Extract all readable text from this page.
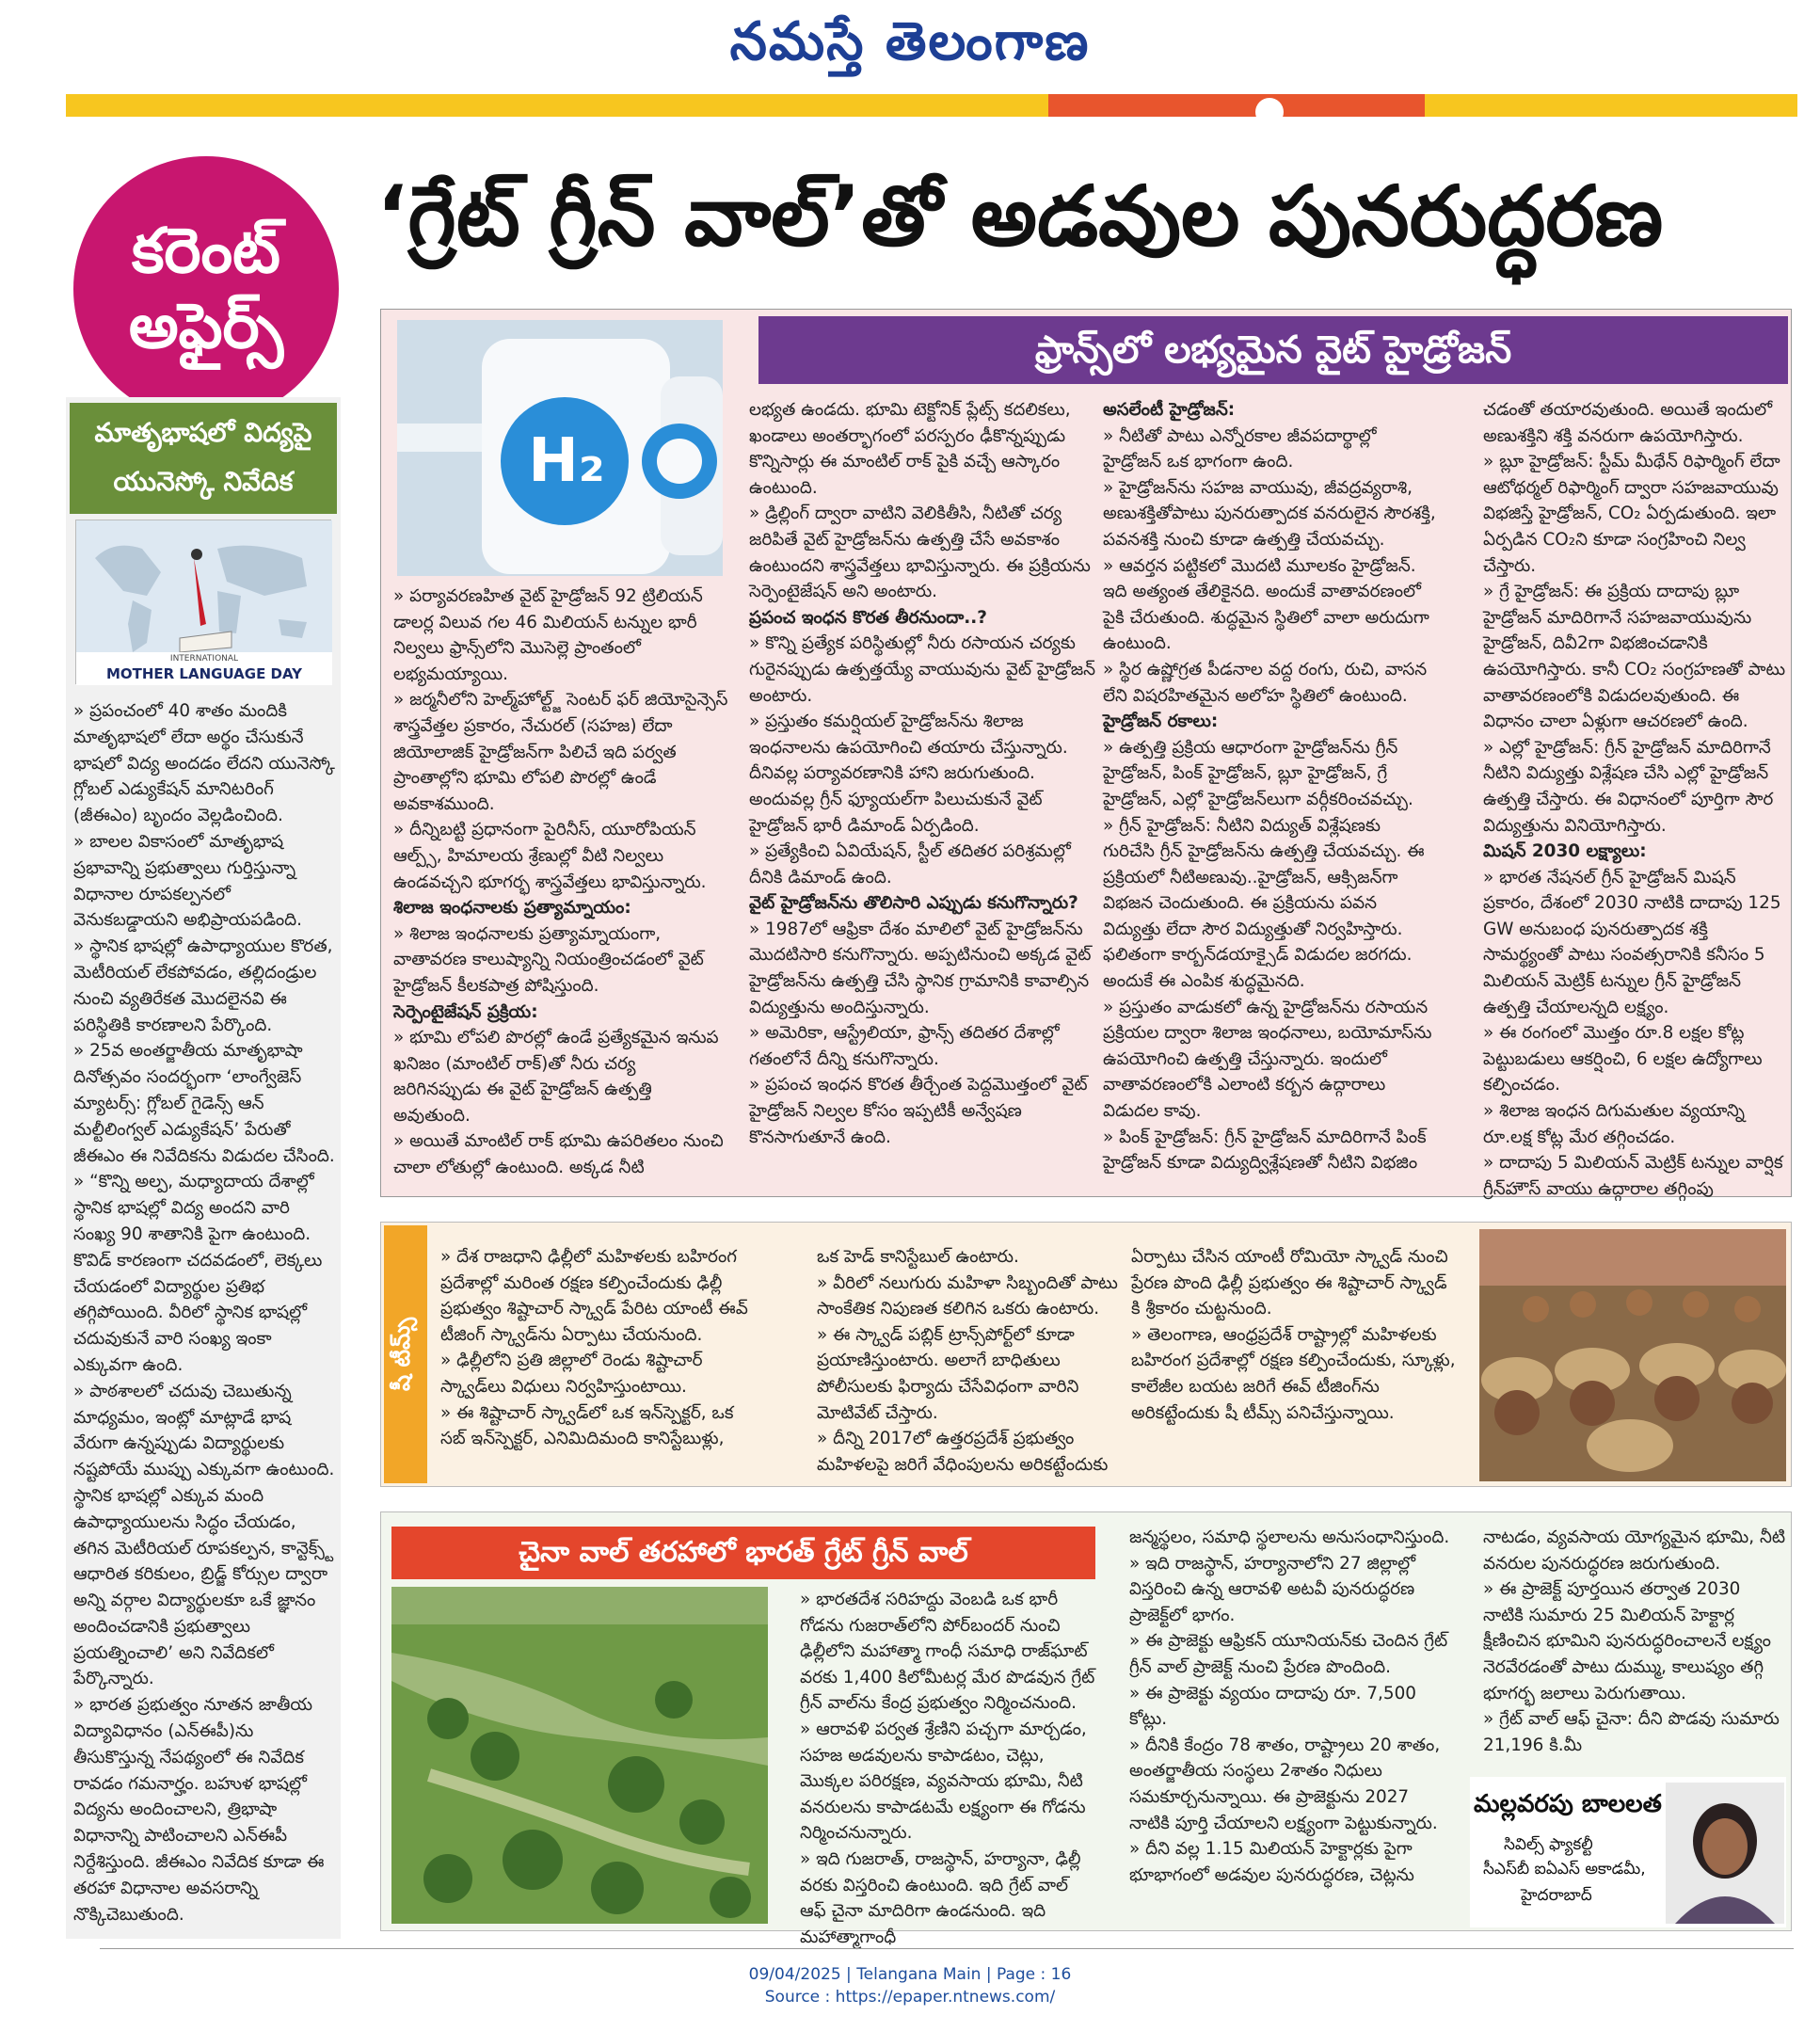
నమస్తే తెలంగాణ
కరెంట్
అఫైర్స్
‘గ్రేట్ గ్రీన్ వాల్’తో అడవుల పునరుద్ధరణ
మాతృభాషలో విద్యపై
యునెస్కో నివేదిక
INTERNATIONAL
MOTHER LANGUAGE DAY
» ప్రపంచంలో 40 శాతం మందికి మాతృభాషలో లేదా అర్థం చేసుకునే భాషలో విద్య అందడం లేదని యునెస్కో గ్లోబల్ ఎడ్యుకేషన్ మానిటరింగ్ (జీఈఎం) బృందం వెల్లడించింది.
» బాలల వికాసంలో మాతృభాష ప్రభావాన్ని ప్రభుత్వాలు గుర్తిస్తున్నా విధానాల రూపకల్పనలో వెనుకబడ్డాయని అభిప్రాయపడింది.
» స్థానిక భాషల్లో ఉపాధ్యాయుల కొరత, మెటీరియల్ లేకపోవడం, తల్లిదండ్రుల నుంచి వ్యతిరేకత మొదలైనవి ఈ పరిస్థితికి కారణాలని పేర్కొంది.
» 25వ అంతర్జాతీయ మాతృభాషా దినోత్సవం సందర్భంగా ‘లాంగ్వేజెస్ మ్యాటర్స్: గ్లోబల్ గైడెన్స్ ఆన్ మల్టీలింగ్వల్ ఎడ్యుకేషన్’ పేరుతో జీఈఎం ఈ నివేదికను విడుదల చేసింది.
» “కొన్ని అల్ప, మధ్యాదాయ దేశాల్లో స్థానిక భాషల్లో విద్య అందని వారి సంఖ్య 90 శాతానికి పైగా ఉంటుంది. కొవిడ్ కారణంగా చదవడంలో, లెక్కలు చేయడంలో విద్యార్థుల ప్రతిభ తగ్గిపోయింది. వీరిలో స్థానిక భాషల్లో చదువుకునే వారి సంఖ్య ఇంకా ఎక్కువగా ఉంది.
» పాఠశాలలో చదువు చెబుతున్న మాధ్యమం, ఇంట్లో మాట్లాడే భాష వేరుగా ఉన్నప్పుడు విద్యార్థులకు నష్టపోయే ముప్పు ఎక్కువగా ఉంటుంది. స్థానిక భాషల్లో ఎక్కువ మంది ఉపాధ్యాయులను సిద్ధం చేయడం, తగిన మెటీరియల్ రూపకల్పన, కాన్టెక్స్ట్ ఆధారిత కరికులం, బ్రిడ్జ్ కోర్సుల ద్వారా అన్ని వర్గాల విద్యార్థులకూ ఒకే జ్ఞానం అందించడానికి ప్రభుత్వాలు ప్రయత్నించాలి’ అని నివేదికలో పేర్కొన్నారు.
» భారత ప్రభుత్వం నూతన జాతీయ విద్యావిధానం (ఎన్ఈపీ)ను తీసుకొస్తున్న నేపథ్యంలో ఈ నివేదిక రావడం గమనార్హం. బహుళ భాషల్లో విద్యను అందించాలని, త్రిభాషా విధానాన్ని పాటించాలని ఎన్ఈపీ నిర్దేశిస్తుంది. జీఈఎం నివేదిక కూడా ఈ తరహా విధానాల అవసరాన్ని నొక్కిచెబుతుంది.
H₂
ఫ్రాన్స్‌లో లభ్యమైన వైట్ హైడ్రోజన్
» పర్యావరణహిత వైట్ హైడ్రోజన్ 92 ట్రిలియన్ డాలర్ల విలువ గల 46 మిలియన్ టన్నుల భారీ నిల్వలు ఫ్రాన్స్‌లోని మొసెల్లె ప్రాంతంలో లభ్యమయ్యాయి.
» జర్మనీలోని హెల్మ్‌హోల్ట్జ్ సెంటర్ ఫర్ జియోసైన్సెస్ శాస్త్రవేత్తల ప్రకారం, నేచురల్ (సహజ) లేదా జియోలాజిక్ హైడ్రోజన్‌గా పిలిచే ఇది పర్వత ప్రాంతాల్లోని భూమి లోపలి పొరల్లో ఉండే అవకాశముంది.
» దీన్నిబట్టి ప్రధానంగా పైరినీస్, యూరోపియన్ ఆల్ప్స్, హిమాలయ శ్రేణుల్లో వీటి నిల్వలు ఉండవచ్చని భూగర్భ శాస్త్రవేత్తలు భావిస్తున్నారు.
శిలాజ ఇంధనాలకు ప్రత్యామ్నాయం:
» శిలాజ ఇంధనాలకు ప్రత్యామ్నాయంగా, వాతావరణ కాలుష్యాన్ని నియంత్రించడంలో వైట్ హైడ్రోజన్ కీలకపాత్ర పోషిస్తుంది.
సెర్పెంటైజేషన్ ప్రక్రియ:
» భూమి లోపలి పొరల్లో ఉండే ప్రత్యేకమైన ఇనుప ఖనిజం (మాంటిల్ రాక్)తో నీరు చర్య జరిగినప్పుడు ఈ వైట్ హైడ్రోజన్ ఉత్పత్తి అవుతుంది.
» అయితే మాంటిల్ రాక్ భూమి ఉపరితలం నుంచి చాలా లోతుల్లో ఉంటుంది. అక్కడ నీటి
లభ్యత ఉండదు. భూమి టెక్టోనిక్ ప్లేట్స్ కదలికలు, ఖండాలు అంతర్భాగంలో పరస్పరం ఢీకొన్నప్పుడు కొన్నిసార్లు ఈ మాంటిల్ రాక్ పైకి వచ్చే ఆస్కారం ఉంటుంది.
» డ్రిల్లింగ్ ద్వారా వాటిని వెలికితీసి, నీటితో చర్య జరిపితే వైట్ హైడ్రోజన్‌ను ఉత్పత్తి చేసే అవకాశం ఉంటుందని శాస్త్రవేత్తలు భావిస్తున్నారు. ఈ ప్రక్రియను సెర్పెంటైజేషన్ అని అంటారు.
ప్రపంచ ఇంధన కొరత తీరనుందా..?
» కొన్ని ప్రత్యేక పరిస్థితుల్లో నీరు రసాయన చర్యకు గురైనప్పుడు ఉత్పత్తయ్యే వాయువును వైట్ హైడ్రోజన్ అంటారు.
» ప్రస్తుతం కమర్షియల్ హైడ్రోజన్‌ను శిలాజ ఇంధనాలను ఉపయోగించి తయారు చేస్తున్నారు. దీనివల్ల పర్యావరణానికి హాని జరుగుతుంది. అందువల్ల గ్రీన్ ఫ్యూయల్‌గా పిలుచుకునే వైట్ హైడ్రోజన్ భారీ డిమాండ్ ఏర్పడింది.
» ప్రత్యేకించి ఏవియేషన్, స్టీల్ తదితర పరిశ్రమల్లో దీనికి డిమాండ్ ఉంది.
వైట్ హైడ్రోజన్‌ను తొలిసారి ఎప్పుడు కనుగొన్నారు?
» 1987లో ఆఫ్రికా దేశం మాలిలో వైట్ హైడ్రోజన్‌ను మొదటిసారి కనుగొన్నారు. అప్పటినుంచి అక్కడ వైట్ హైడ్రోజన్‌ను ఉత్పత్తి చేసి స్థానిక గ్రామానికి కావాల్సిన విద్యుత్తును అందిస్తున్నారు.
» అమెరికా, ఆస్ట్రేలియా, ఫ్రాన్స్ తదితర దేశాల్లో గతంలోనే దీన్ని కనుగొన్నారు.
» ప్రపంచ ఇంధన కొరత తీర్చేంత పెద్దమొత్తంలో వైట్ హైడ్రోజన్ నిల్వల కోసం ఇప్పటికీ అన్వేషణ కొనసాగుతూనే ఉంది.
అసలేంటీ హైడ్రోజన్:
» నీటితో పాటు ఎన్నోరకాల జీవపదార్థాల్లో హైడ్రోజన్ ఒక భాగంగా ఉంది.
» హైడ్రోజన్‌ను సహజ వాయువు, జీవద్రవ్యరాశి, అణుశక్తితోపాటు పునరుత్పాదక వనరులైన సౌరశక్తి, పవనశక్తి నుంచి కూడా ఉత్పత్తి చేయవచ్చు.
» ఆవర్తన పట్టికలో మొదటి మూలకం హైడ్రోజన్. ఇది అత్యంత తేలికైనది. అందుకే వాతావరణంలో పైకి చేరుతుంది. శుద్ధమైన స్థితిలో వాలా అరుదుగా ఉంటుంది.
» స్థిర ఉష్ణోగ్రత పీడనాల వద్ద రంగు, రుచి, వాసన లేని విషరహితమైన అలోహ స్థితిలో ఉంటుంది.
హైడ్రోజన్ రకాలు:
» ఉత్పత్తి ప్రక్రియ ఆధారంగా హైడ్రోజన్‌ను గ్రీన్ హైడ్రోజన్, పింక్ హైడ్రోజన్, బ్లూ హైడ్రోజన్, గ్రే హైడ్రోజన్, ఎల్లో హైడ్రోజన్‌లుగా వర్గీకరించవచ్చు.
» గ్రీన్ హైడ్రోజన్: నీటిని విద్యుత్ విశ్లేషణకు గురిచేసి గ్రీన్ హైడ్రోజన్‌ను ఉత్పత్తి చేయవచ్చు. ఈ ప్రక్రియలో నీటిఅణువు..హైడ్రోజన్, ఆక్సిజన్‌గా విభజన చెందుతుంది. ఈ ప్రక్రియను పవన విద్యుత్తు లేదా సౌర విద్యుత్తుతో నిర్వహిస్తారు. ఫలితంగా కార్బన్‌డయాక్సైడ్ విడుదల జరగదు. అందుకే ఈ ఎంపిక శుద్ధమైనది.
» ప్రస్తుతం వాడుకలో ఉన్న హైడ్రోజన్‌ను రసాయన ప్రక్రియల ద్వారా శిలాజ ఇంధనాలు, బయోమాస్‌ను ఉపయోగించి ఉత్పత్తి చేస్తున్నారు. ఇందులో వాతావరణంలోకి ఎలాంటి కర్బన ఉద్గారాలు విడుదల కావు.
» పింక్ హైడ్రోజన్: గ్రీన్ హైడ్రోజన్ మాదిరిగానే పింక్ హైడ్రోజన్ కూడా విద్యుద్విశ్లేషణతో నీటిని విభజిం
చడంతో తయారవుతుంది. అయితే ఇందులో అణుశక్తిని శక్తి వనరుగా ఉపయోగిస్తారు.
» బ్లూ హైడ్రోజన్: స్టీమ్ మీథేన్ రిఫార్మింగ్ లేదా ఆటోథర్మల్ రిఫార్మింగ్ ద్వారా సహజవాయువు విభజిస్తే హైడ్రోజన్, CO₂ ఏర్పడుతుంది. ఇలా ఏర్పడిన CO₂ని కూడా సంగ్రహించి నిల్వ చేస్తారు.
» గ్రే హైడ్రోజన్: ఈ ప్రక్రియ దాదాపు బ్లూ హైడ్రోజన్ మాదిరిగానే సహజవాయువును హైడ్రోజన్, దివీ2గా విభజించడానికి ఉపయోగిస్తారు. కానీ CO₂ సంగ్రహణతో పాటు వాతావరణంలోకి విడుదలవుతుంది. ఈ విధానం చాలా ఏళ్లుగా ఆచరణలో ఉంది.
» ఎల్లో హైడ్రోజన్: గ్రీన్ హైడ్రోజన్ మాదిరిగానే నీటిని విద్యుత్తు విశ్లేషణ చేసి ఎల్లో హైడ్రోజన్ ఉత్పత్తి చేస్తారు. ఈ విధానంలో పూర్తిగా సౌర విద్యుత్తును వినియోగిస్తారు.
మిషన్ 2030 లక్ష్యాలు:
» భారత నేషనల్ గ్రీన్ హైడ్రోజన్ మిషన్ ప్రకారం, దేశంలో 2030 నాటికి దాదాపు 125 GW అనుబంధ పునరుత్పాదక శక్తి సామర్థ్యంతో పాటు సంవత్సరానికి కనీసం 5 మిలియన్ మెట్రిక్ టన్నుల గ్రీన్ హైడ్రోజన్ ఉత్పత్తి చేయాలన్నది లక్ష్యం.
» ఈ రంగంలో మొత్తం రూ.8 లక్షల కోట్ల పెట్టుబడులు ఆకర్షించి, 6 లక్షల ఉద్యోగాలు కల్పించడం.
» శిలాజ ఇంధన దిగుమతుల వ్యయాన్ని రూ.లక్ష కోట్ల మేర తగ్గించడం.
» దాదాపు 5 మిలియన్ మెట్రిక్ టన్నుల వార్షిక గ్రీన్‌హౌస్ వాయు ఉద్గారాల తగ్గింపు
షీ టీమ్స్
» దేశ రాజధాని ఢిల్లీలో మహిళలకు బహిరంగ ప్రదేశాల్లో మరింత రక్షణ కల్పించేందుకు ఢిల్లీ ప్రభుత్వం శిష్టాచార్ స్క్వాడ్ పేరిట యాంటీ ఈవ్ టీజింగ్ స్క్వాడ్‌ను ఏర్పాటు చేయనుంది.
» ఢిల్లీలోని ప్రతి జిల్లాలో రెండు శిష్టాచార్ స్క్వాడ్‌లు విధులు నిర్వహిస్తుంటాయి.
» ఈ శిష్టాచార్ స్క్వాడ్‌లో ఒక ఇన్‌స్పెక్టర్, ఒక సబ్ ఇన్‌స్పెక్టర్, ఎనిమిదిమంది కానిస్టేబుళ్లు,
ఒక హెడ్ కానిస్టేబుల్ ఉంటారు.
» వీరిలో నలుగురు మహిళా సిబ్బందితో పాటు సాంకేతిక నిపుణత కలిగిన ఒకరు ఉంటారు.
» ఈ స్క్వాడ్ పబ్లిక్ ట్రాన్స్‌పోర్ట్‌లో కూడా ప్రయాణిస్తుంటారు. అలాగే బాధితులు పోలీసులకు ఫిర్యాదు చేసేవిధంగా వారిని మోటివేట్ చేస్తారు.
» దీన్ని 2017లో ఉత్తరప్రదేశ్ ప్రభుత్వం మహిళలపై జరిగే వేధింపులను అరికట్టేందుకు
ఏర్పాటు చేసిన యాంటీ రోమియో స్క్వాడ్ నుంచి ప్రేరణ పొంది ఢిల్లీ ప్రభుత్వం ఈ శిష్టాచార్ స్క్వాడ్ కి శ్రీకారం చుట్టనుంది.
» తెలంగాణ, ఆంధ్రప్రదేశ్ రాష్ట్రాల్లో మహిళలకు బహిరంగ ప్రదేశాల్లో రక్షణ కల్పించేందుకు, స్కూళ్లు, కాలేజీల బయట జరిగే ఈవ్ టీజింగ్‌ను అరికట్టేందుకు షీ టీమ్స్ పనిచేస్తున్నాయి.
చైనా వాల్ తరహాలో భారత్ గ్రేట్ గ్రీన్ వాల్
» భారతదేశ సరిహద్దు వెంబడి ఒక భారీ గోడను గుజరాత్‌లోని పోర్‌బందర్ నుంచి ఢిల్లీలోని మహాత్మా గాంధీ సమాధి రాజ్‌ఘాట్ వరకు 1,400 కిలోమీటర్ల మేర పొడవున గ్రేట్ గ్రీన్ వాల్‌ను కేంద్ర ప్రభుత్వం నిర్మించనుంది.
» ఆరావళి పర్వత శ్రేణిని పచ్చగా మార్చడం, సహజ అడవులను కాపాడటం, చెట్లు, మొక్కల పరిరక్షణ, వ్యవసాయ భూమి, నీటి వనరులను కాపాడటమే లక్ష్యంగా ఈ గోడను నిర్మించనున్నారు.
» ఇది గుజరాత్, రాజస్థాన్, హర్యానా, ఢిల్లీ వరకు విస్తరించి ఉంటుంది. ఇది గ్రేట్ వాల్ ఆఫ్ చైనా మాదిరిగా ఉండనుంది. ఇది మహాత్మాగాంధీ
జన్మస్థలం, సమాధి స్థలాలను అనుసంధానిస్తుంది.
» ఇది రాజస్థాన్, హర్యానాలోని 27 జిల్లాల్లో విస్తరించి ఉన్న ఆరావళి అటవీ పునరుద్ధరణ ప్రాజెక్ట్‌లో భాగం.
» ఈ ప్రాజెక్టు ఆఫ్రికన్ యూనియన్‌కు చెందిన గ్రేట్ గ్రీన్ వాల్ ప్రాజెక్ట్ నుంచి ప్రేరణ పొందింది.
» ఈ ప్రాజెక్టు వ్యయం దాదాపు రూ. 7,500 కోట్లు.
» దీనికి కేంద్రం 78 శాతం, రాష్ట్రాలు 20 శాతం, అంతర్జాతీయ సంస్థలు 2శాతం నిధులు సమకూర్చనున్నాయి. ఈ ప్రాజెక్టును 2027 నాటికి పూర్తి చేయాలని లక్ష్యంగా పెట్టుకున్నారు.
» దీని వల్ల 1.15 మిలియన్ హెక్టార్లకు పైగా భూభాగంలో అడవుల పునరుద్ధరణ, చెట్లను
నాటడం, వ్యవసాయ యోగ్యమైన భూమి, నీటి వనరుల పునరుద్ధరణ జరుగుతుంది.
» ఈ ప్రాజెక్ట్ పూర్తయిన తర్వాత 2030 నాటికి సుమారు 25 మిలియన్ హెక్టార్ల క్షీణించిన భూమిని పునరుద్ధరించాలనే లక్ష్యం నెరవేరడంతో పాటు దుమ్ము, కాలుష్యం తగ్గి భూగర్భ జలాలు పెరుగుతాయి.
» గ్రేట్ వాల్ ఆఫ్ చైనా: దీని పొడవు సుమారు 21,196 కి.మీ
మల్లవరపు బాలలత
సివిల్స్ ఫ్యాకల్టీ
సీఎస్‌బీ ఐఏఎస్ అకాడమీ,
హైదరాబాద్
09/04/2025 | Telangana Main | Page : 16
Source : https://epaper.ntnews.com/
